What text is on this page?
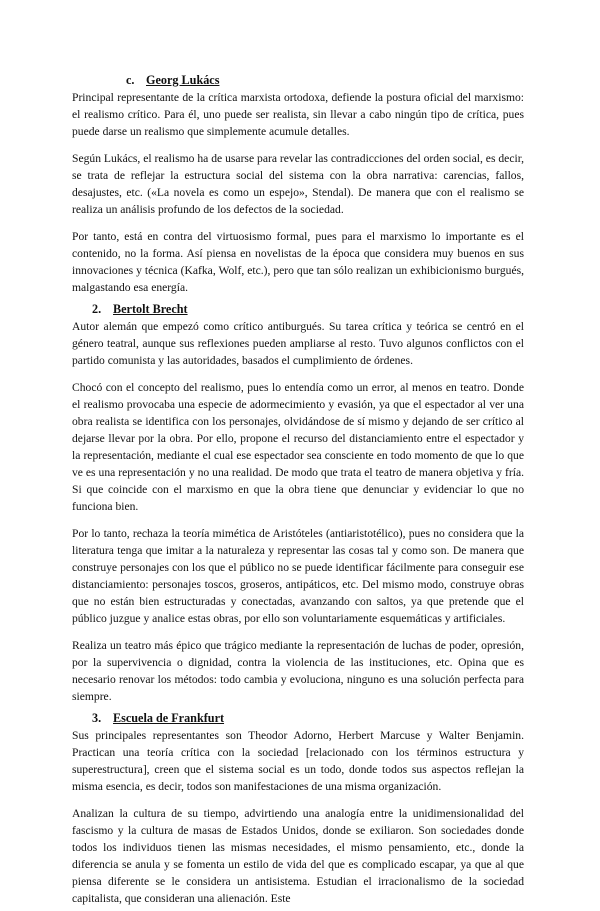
c. Georg Lukács

Principal representante de la crítica marxista ortodoxa, defiende la postura oficial del marxismo: el realismo crítico. Para él, uno puede ser realista, sin llevar a cabo ningún tipo de crítica, pues puede darse un realismo que simplemente acumule detalles.

Según Lukács, el realismo ha de usarse para revelar las contradicciones del orden social, es decir, se trata de reflejar la estructura social del sistema con la obra narrativa: carencias, fallos, desajustes, etc. («La novela es como un espejo», Stendal). De manera que con el realismo se realiza un análisis profundo de los defectos de la sociedad.

Por tanto, está en contra del virtuosismo formal, pues para el marxismo lo importante es el contenido, no la forma. Así piensa en novelistas de la época que considera muy buenos en sus innovaciones y técnica (Kafka, Wolf, etc.), pero que tan sólo realizan un exhibicionismo burgués, malgastando esa energía.

2. Bertolt Brecht

Autor alemán que empezó como crítico antiburgués. Su tarea crítica y teórica se centró en el género teatral, aunque sus reflexiones pueden ampliarse al resto. Tuvo algunos conflictos con el partido comunista y las autoridades, basados el cumplimiento de órdenes.

Chocó con el concepto del realismo, pues lo entendía como un error, al menos en teatro. Donde el realismo provocaba una especie de adormecimiento y evasión, ya que el espectador al ver una obra realista se identifica con los personajes, olvidándose de sí mismo y dejando de ser crítico al dejarse llevar por la obra. Por ello, propone el recurso del distanciamiento entre el espectador y la representación, mediante el cual ese espectador sea consciente en todo momento de que lo que ve es una representación y no una realidad. De modo que trata el teatro de manera objetiva y fría. Si que coincide con el marxismo en que la obra tiene que denunciar y evidenciar lo que no funciona bien.

Por lo tanto, rechaza la teoría mimética de Aristóteles (antiaristotélico), pues no considera que la literatura tenga que imitar a la naturaleza y representar las cosas tal y como son. De manera que construye personajes con los que el público no se puede identificar fácilmente para conseguir ese distanciamiento: personajes toscos, groseros, antipáticos, etc. Del mismo modo, construye obras que no están bien estructuradas y conectadas, avanzando con saltos, ya que pretende que el público juzgue y analice estas obras, por ello son voluntariamente esquemáticas y artificiales.

Realiza un teatro más épico que trágico mediante la representación de luchas de poder, opresión, por la supervivencia o dignidad, contra la violencia de las instituciones, etc. Opina que es necesario renovar los métodos: todo cambia y evoluciona, ninguno es una solución perfecta para siempre.

3. Escuela de Frankfurt

Sus principales representantes son Theodor Adorno, Herbert Marcuse y Walter Benjamin. Practican una teoría crítica con la sociedad [relacionado con los términos estructura y superestructura], creen que el sistema social es un todo, donde todos sus aspectos reflejan la misma esencia, es decir, todos son manifestaciones de una misma organización.

Analizan la cultura de su tiempo, advirtiendo una analogía entre la unidimensionalidad del fascismo y la cultura de masas de Estados Unidos, donde se exiliaron. Son sociedades donde todos los individuos tienen las mismas necesidades, el mismo pensamiento, etc., donde la diferencia se anula y se fomenta un estilo de vida del que es complicado escapar, ya que al que piensa diferente se le considera un antisistema. Estudian el irracionalismo de la sociedad capitalista, que consideran una alienación. Este
